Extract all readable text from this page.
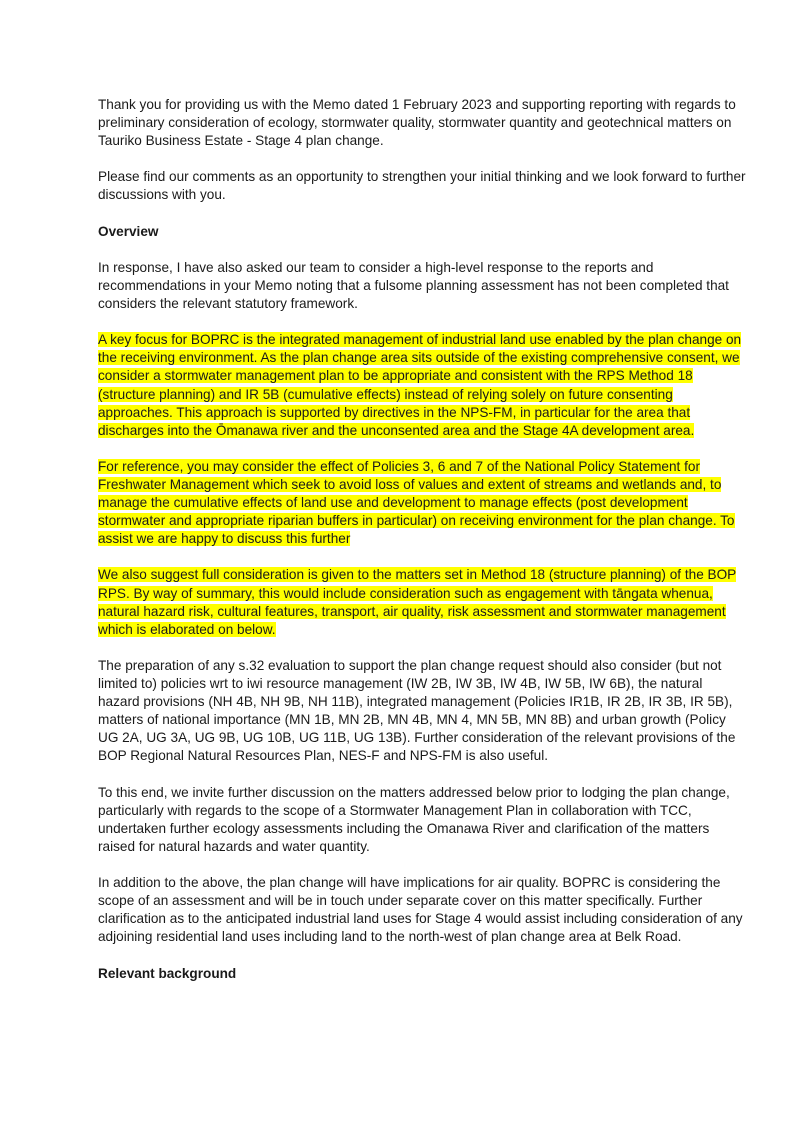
Thank you for providing us with the Memo dated 1 February 2023 and supporting reporting with regards to preliminary consideration of ecology, stormwater quality, stormwater quantity and geotechnical matters on Tauriko Business Estate - Stage 4 plan change.

Please find our comments as an opportunity to strengthen your initial thinking and we look forward to further discussions with you.

Overview

In response, I have also asked our team to consider a high-level response to the reports and recommendations in your Memo noting that a fulsome planning assessment has not been completed that considers the relevant statutory framework.

A key focus for BOPRC is the integrated management of industrial land use enabled by the plan change on the receiving environment. As the plan change area sits outside of the existing comprehensive consent, we consider a stormwater management plan to be appropriate and consistent with the RPS Method 18 (structure planning) and IR 5B (cumulative effects) instead of relying solely on future consenting approaches. This approach is supported by directives in the NPS-FM, in particular for the area that discharges into the Ōmanawa river and the unconsented area and the Stage 4A development area.

For reference, you may consider the effect of Policies 3, 6 and 7 of the National Policy Statement for Freshwater Management which seek to avoid loss of values and extent of streams and wetlands and, to manage the cumulative effects of land use and development to manage effects (post development stormwater and appropriate riparian buffers in particular) on receiving environment for the plan change. To assist we are happy to discuss this further

We also suggest full consideration is given to the matters set in Method 18 (structure planning) of the BOP RPS. By way of summary, this would include consideration such as engagement with tāngata whenua, natural hazard risk, cultural features, transport, air quality, risk assessment and stormwater management which is elaborated on below.

The preparation of any s.32 evaluation to support the plan change request should also consider (but not limited to) policies wrt to iwi resource management (IW 2B, IW 3B, IW 4B, IW 5B, IW 6B), the natural hazard provisions (NH 4B, NH 9B, NH 11B), integrated management (Policies IR1B, IR 2B, IR 3B, IR 5B), matters of national importance (MN 1B, MN 2B, MN 4B, MN 4, MN 5B, MN 8B) and urban growth (Policy UG 2A, UG 3A, UG 9B, UG 10B, UG 11B, UG 13B). Further consideration of the relevant provisions of the BOP Regional Natural Resources Plan, NES-F and NPS-FM is also useful.

To this end, we invite further discussion on the matters addressed below prior to lodging the plan change, particularly with regards to the scope of a Stormwater Management Plan in collaboration with TCC, undertaken further ecology assessments including the Omanawa River and clarification of the matters raised for natural hazards and water quantity.

In addition to the above, the plan change will have implications for air quality. BOPRC is considering the scope of an assessment and will be in touch under separate cover on this matter specifically. Further clarification as to the anticipated industrial land uses for Stage 4 would assist including consideration of any adjoining residential land uses including land to the north-west of plan change area at Belk Road.

Relevant background
